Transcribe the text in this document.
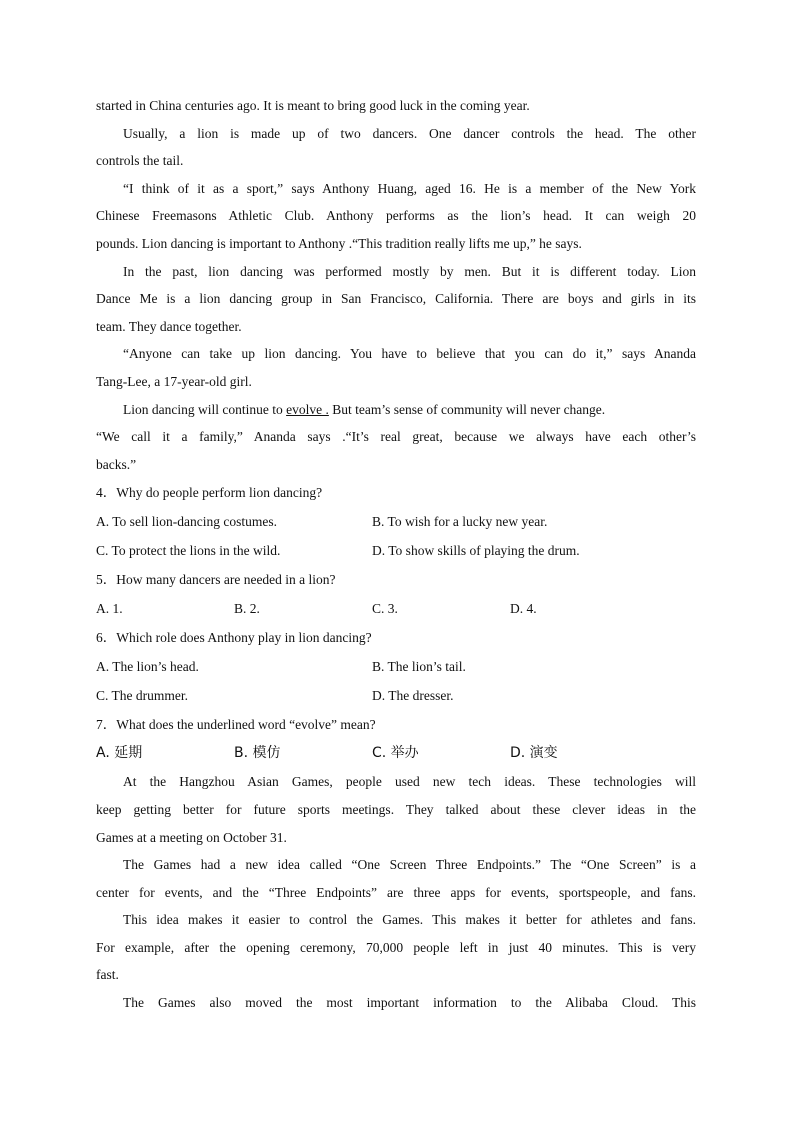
started in China centuries ago. It is meant to bring good luck in the coming year.
Usually, a lion is made up of two dancers. One dancer controls the head. The other
controls the tail.
“I think of it as a sport,” says Anthony Huang, aged 16. He is a member of the New York
Chinese Freemasons Athletic Club. Anthony performs as the lion’s head. It can weigh 20
pounds. Lion dancing is important to Anthony .“This tradition really lifts me up,” he says.
In the past, lion dancing was performed mostly by men. But it is different today. Lion
Dance Me is a lion dancing group in San Francisco, California. There are boys and girls in its
team. They dance together.
“Anyone can take up lion dancing. You have to believe that you can do it,” says Ananda
Tang-Lee, a 17-year-old girl.
Lion dancing will continue to evolve . But team’s sense of community will never change.
“We call it a family,” Ananda says .“It’s real great, because we always have each other’s
backs.”
4．Why do people perform lion dancing?
A. To sell lion-dancing costumes.	B. To wish for a lucky new year.
C. To protect the lions in the wild.	D. To show skills of playing the drum.
5．How many dancers are needed in a lion?
A. 1.	B. 2.	C. 3.	D. 4.
6．Which role does Anthony play in lion dancing?
A. The lion’s head.	B. The lion’s tail.
C. The drummer.	D. The dresser.
7．What does the underlined word “evolve” mean?
A. 延期	B. 模仿	C. 举办	D. 演变
At the Hangzhou Asian Games, people used new tech ideas. These technologies will
keep getting better for future sports meetings. They talked about these clever ideas in the
Games at a meeting on October 31.
The Games had a new idea called “One Screen Three Endpoints.” The “One Screen” is a
center for events, and the “Three Endpoints” are three apps for events, sportspeople, and fans.
This idea makes it easier to control the Games. This makes it better for athletes and fans.
For example, after the opening ceremony, 70,000 people left in just 40 minutes. This is very
fast.
The Games also moved the most important information to the Alibaba Cloud. This
